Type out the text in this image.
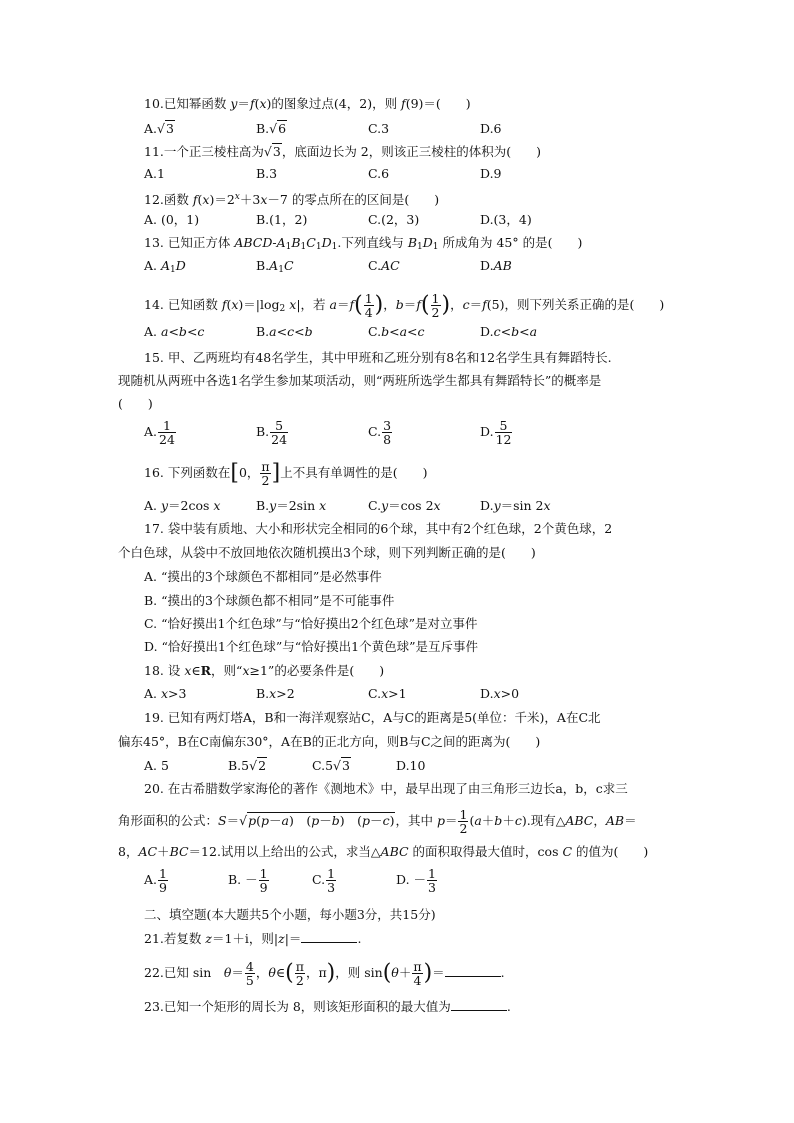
10.已知幂函数 y＝f(x)的图象过点(4，2)，则 f(9)＝(　　)
A.√3	B.√6	C.3	D.6
11.一个正三棱柱高为√3，底面边长为 2，则该正三棱柱的体积为(　　)
A.1	B.3	C.6	D.9
12.函数 $f(x)=2^x+3x-7$ 的零点所在的区间是(　　)
A. (0，1)	B.(1，2)	C.(2，3)	D.(3，4)
13. 已知正方体 ABCD-$A_1B_1C_1D_1$.下列直线与 $B_1D_1$ 所成角为 45° 的是(　　)
A. $A_1D$	$B.A_1C$	C.AC	D.AB
14. 已知函数 $f(x)=|\log_2$ x|，若 $a=f( \frac{1}{4}$ )，$b=f( \frac{1}{2}$ )，c＝f(5)，则下列关系正确的是(　　)
A. a<b<c	B.a<c<b	C.b<a<c	D.c<b<a
15. 甲、乙两班均有48名学生，其中甲班和乙班分别有8名和12名学生具有舞蹈特长.
现随机从两班中各选1名学生参加某项活动，则“两班所选学生都具有舞蹈特长”的概率是
(　　)
A. $\frac{1}{24}$	B. $\frac{5}{24}$	C. $\frac{3}{8}$	D. $\frac{5}{12}$
16. 下列函数在[0， $\frac{\pi}{2}$ ]上不具有单调性的是(　　)
A. y＝2cos x	B.y＝2sin x	C.y＝cos 2x	D.y＝sin 2x
17. 袋中装有质地、大小和形状完全相同的6个球，其中有2个红色球，2个黄色球，2
个白色球，从袋中不放回地依次随机摸出3个球，则下列判断正确的是(　　)
A. “摸出的3个球颜色不都相同”是必然事件
B. “摸出的3个球颜色都不相同”是不可能事件
C. “恰好摸出1个红色球”与“恰好摸出2个红色球”是对立事件
D. “恰好摸出1个红色球”与“恰好摸出1个黄色球”是互斥事件
18. 设 x∈R，则“x≥1”的必要条件是(　　)
A. x>3	B.x>2	C.x>1	D.x>0
19. 已知有两灯塔A，B和一海洋观察站C，A与C的距离是5(单位：千米)，A在C北
偏东45°，B在C南偏东30°，A在B的正北方向，则B与C之间的距离为(　　)
A. 5	B.5√2	C.5√3	D.10
20. 在古希腊数学家海伦的著作《测地术》中，最早出现了由三角形三边长a，b，c求三
角形面积的公式：S＝√p(p－a)　(p－b)　(p－c)，其中 $p= \frac{1}{2} (a+b+c)$.现有△ABC，AB＝
8，AC＋BC＝12.试用以上给出的公式，求当△ABC 的面积取得最大值时，cos C 的值为(　　)
A. $\frac{1}{9}$	B. － $\frac{1}{9}$	C. $\frac{1}{3}$	D. － $\frac{1}{3}$
二、填空题(本大题共5个小题，每小题3分，共15分)
21.若复数 z＝1＋i，则|z|＝	.
22.已知 sin　$\theta= \frac{4}{5}$ ，θ∈( $\frac{\pi}{2}$ ，π)，则 $\sin(\theta+ \frac{\pi}{4}$ )＝	.
23.已知一个矩形的周长为 8，则该矩形面积的最大值为	.
